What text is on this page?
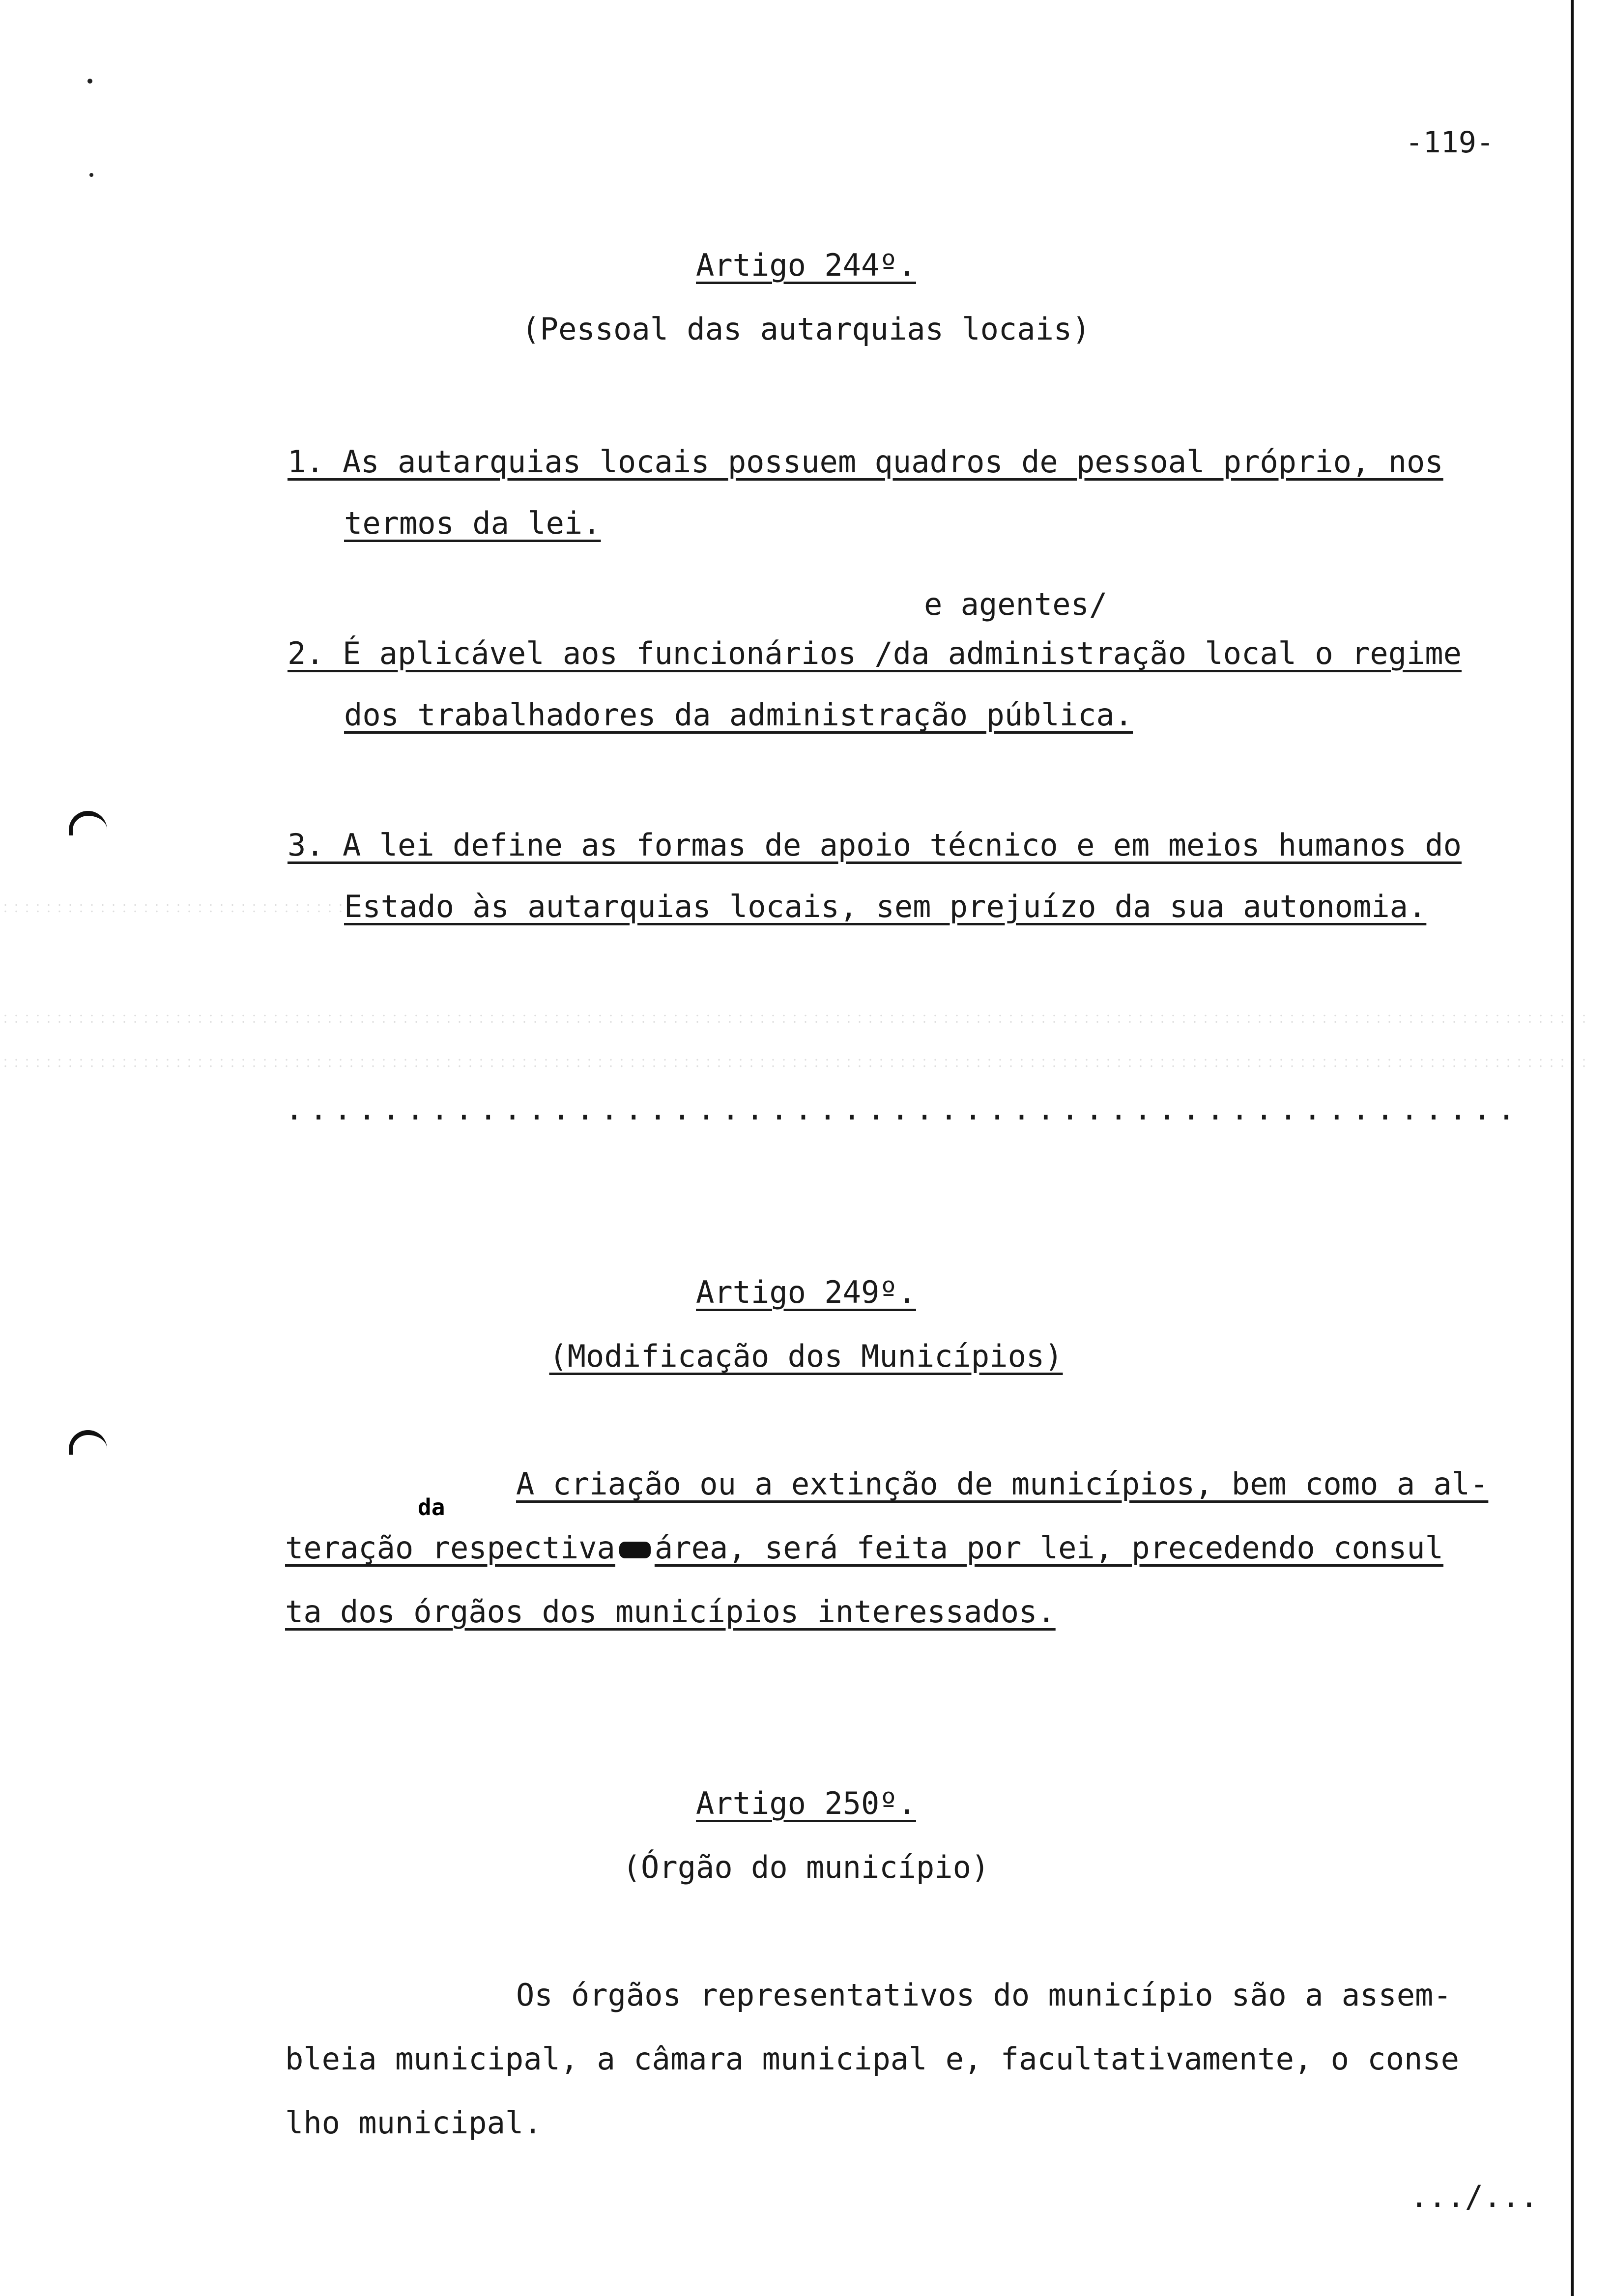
-119-
Artigo 244º.
(Pessoal das autarquias locais)
1. As autarquias locais possuem quadros de pessoal próprio, nos
termos da lei.
e agentes/
2. É aplicável aos funcionários /da administração local o regime
dos trabalhadores da administração pública.
3. A lei define as formas de apoio técnico e em meios humanos do
Estado às autarquias locais, sem prejuízo da sua autonomia.
...................................................
Artigo 249º.
(Modificação dos Municípios)
A criação ou a extinção de municípios, bem como a al-
da
teração respectiva área, será feita por lei, precedendo consul
ta dos órgãos dos municípios interessados.
Artigo 250º.
(Órgão do município)
Os órgãos representativos do município são a assem-
bleia municipal, a câmara municipal e, facultativamente, o conse
lho municipal.
.../...
